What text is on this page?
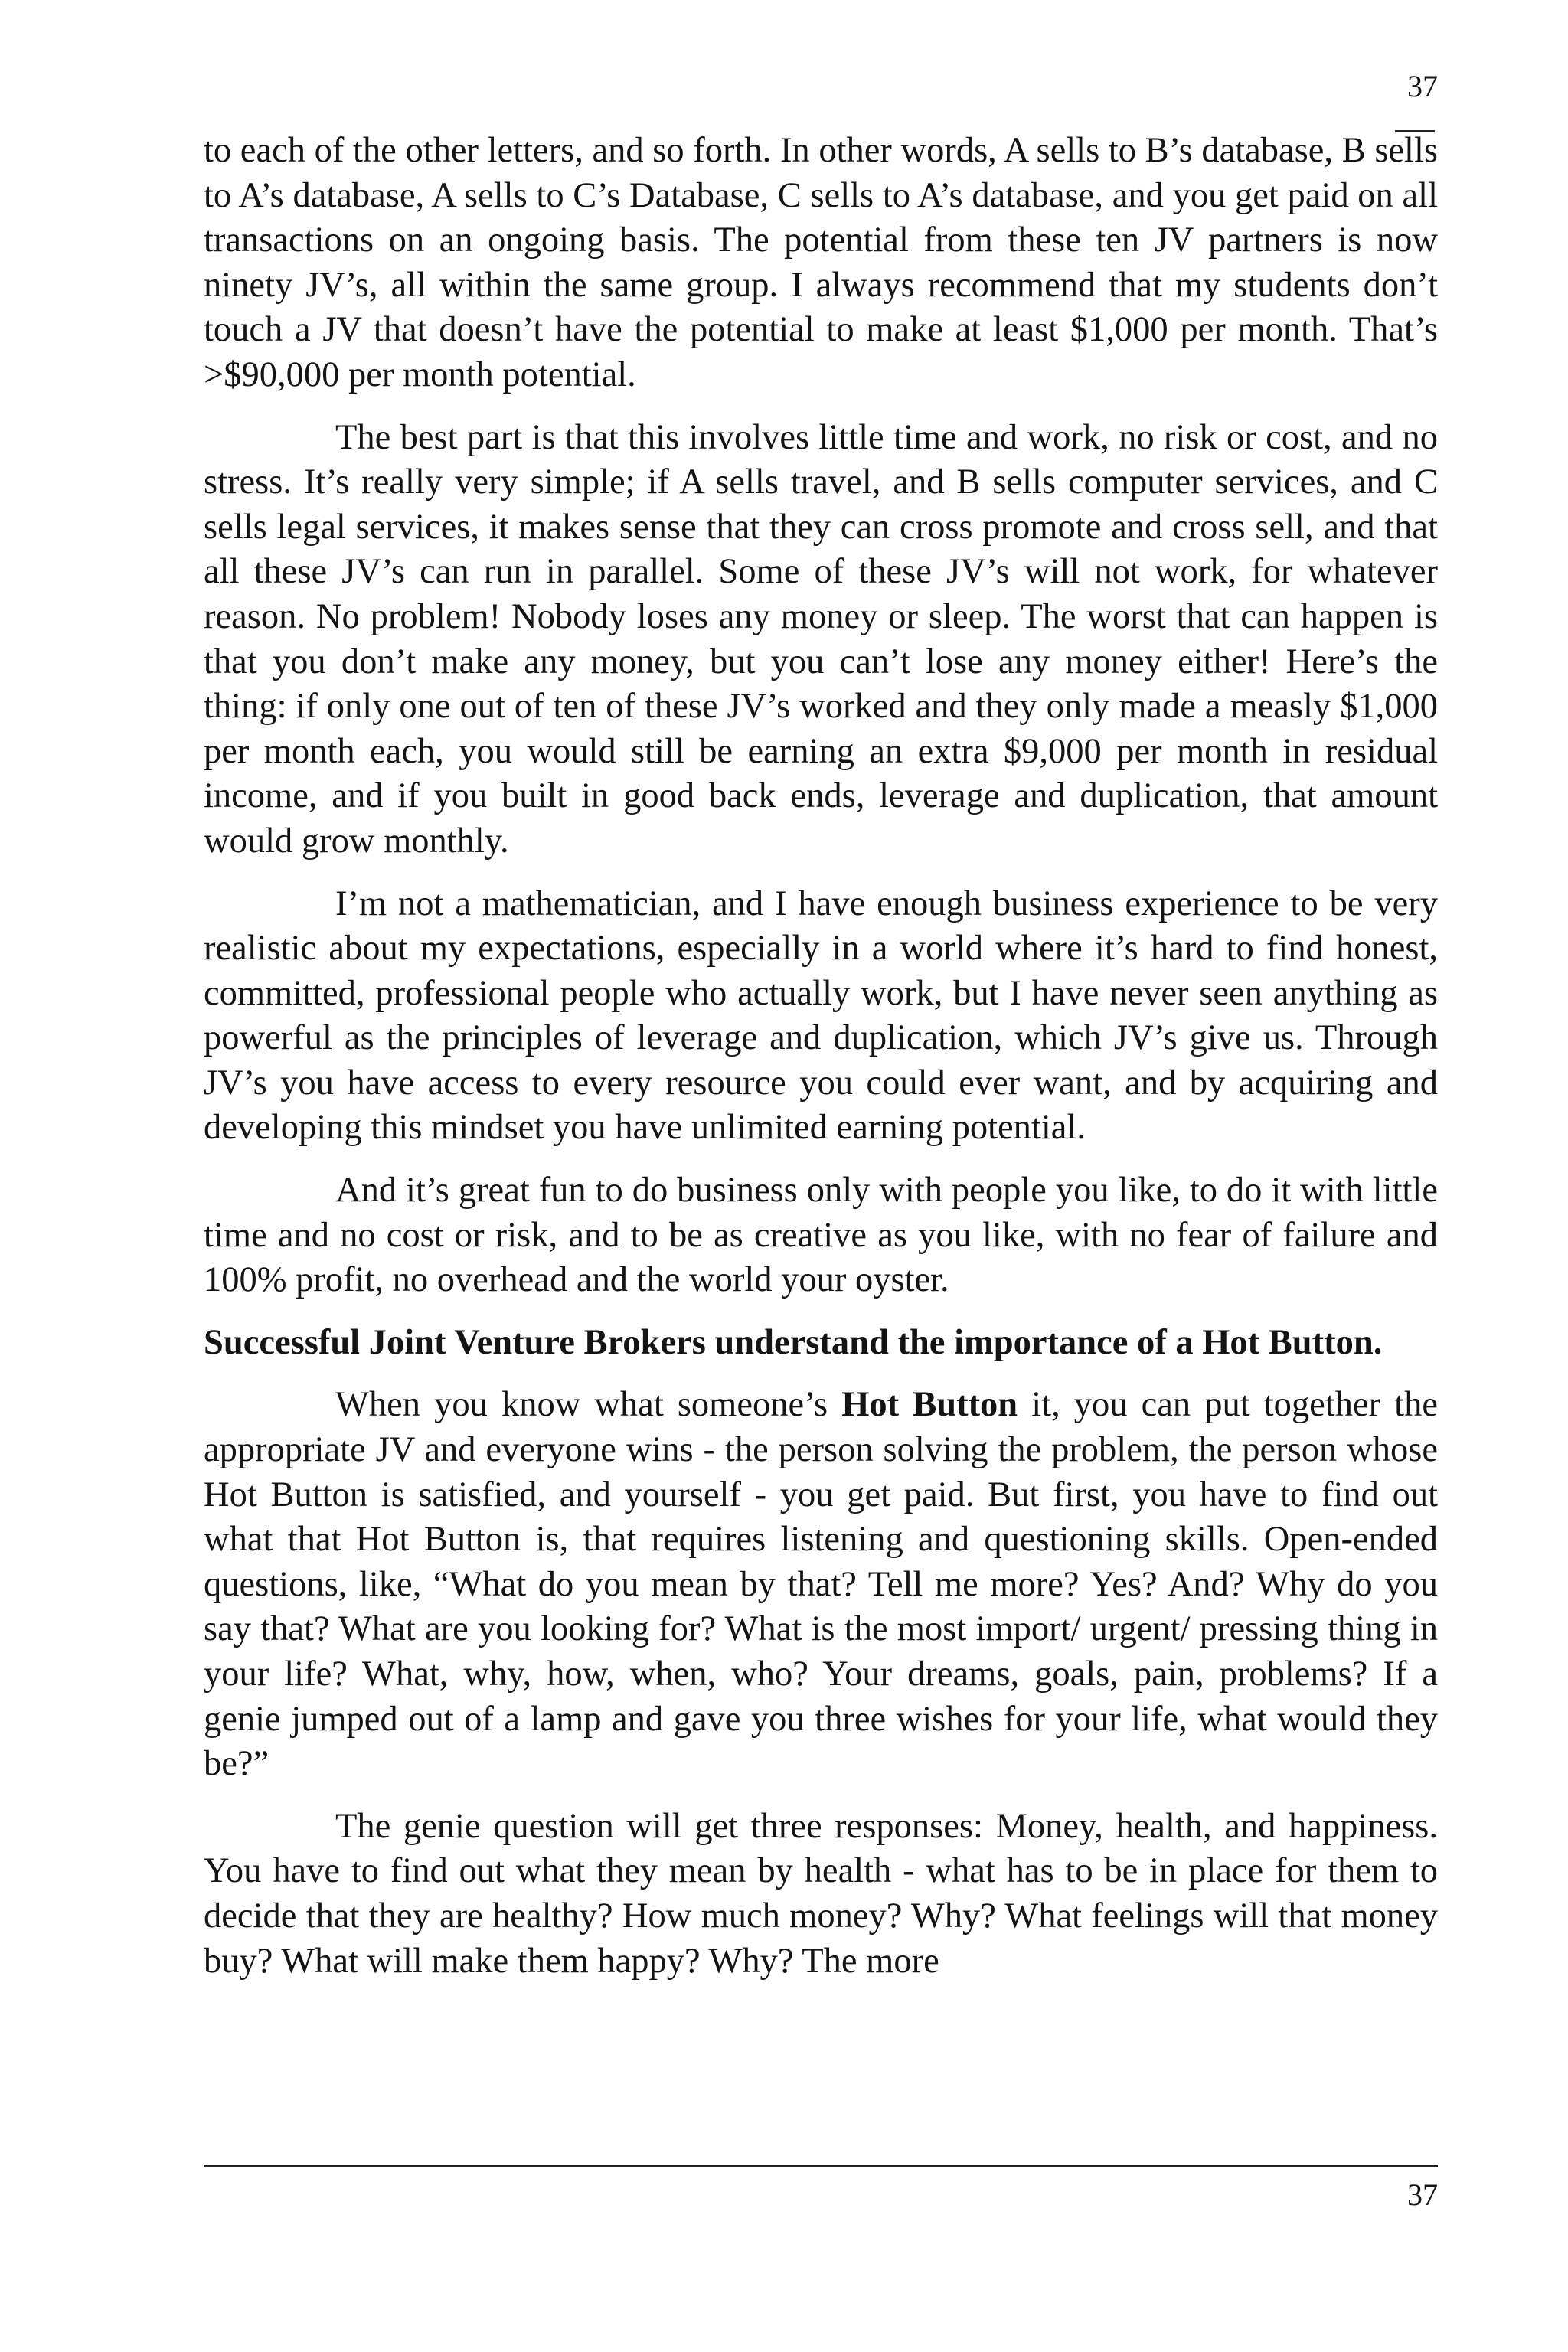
37

to each of the other letters, and so forth. In other words, A sells to B’s database, B sells to A’s database, A sells to C’s Database, C sells to A’s database, and you get paid on all transactions on an ongoing basis. The potential from these ten JV partners is now ninety JV’s, all within the same group. I always recommend that my students don’t touch a JV that doesn’t have the potential to make at least $1,000 per month. That’s >$90,000 per month potential.

The best part is that this involves little time and work, no risk or cost, and no stress. It’s really very simple; if A sells travel, and B sells computer services, and C sells legal services, it makes sense that they can cross promote and cross sell, and that all these JV’s can run in parallel. Some of these JV’s will not work, for whatever reason. No problem! Nobody loses any money or sleep. The worst that can happen is that you don’t make any money, but you can’t lose any money either! Here’s the thing: if only one out of ten of these JV’s worked and they only made a measly $1,000 per month each, you would still be earning an extra $9,000 per month in residual income, and if you built in good back ends, leverage and duplication, that amount would grow monthly.

I’m not a mathematician, and I have enough business experience to be very realistic about my expectations, especially in a world where it’s hard to find honest, committed, professional people who actually work, but I have never seen anything as powerful as the principles of leverage and duplication, which JV’s give us. Through JV’s you have access to every resource you could ever want, and by acquiring and developing this mindset you have unlimited earning potential.

And it’s great fun to do business only with people you like, to do it with little time and no cost or risk, and to be as creative as you like, with no fear of failure and 100% profit, no overhead and the world your oyster.

Successful Joint Venture Brokers understand the importance of a Hot Button.

When you know what someone’s Hot Button it, you can put together the appropriate JV and everyone wins - the person solving the problem, the person whose Hot Button is satisfied, and yourself - you get paid. But first, you have to find out what that Hot Button is, that requires listening and questioning skills. Open-ended questions, like, “What do you mean by that? Tell me more? Yes? And? Why do you say that? What are you looking for? What is the most import/ urgent/ pressing thing in your life? What, why, how, when, who? Your dreams, goals, pain, problems? If a genie jumped out of a lamp and gave you three wishes for your life, what would they be?”

The genie question will get three responses: Money, health, and happiness. You have to find out what they mean by health - what has to be in place for them to decide that they are healthy? How much money? Why? What feelings will that money buy? What will make them happy? Why? The more

37
